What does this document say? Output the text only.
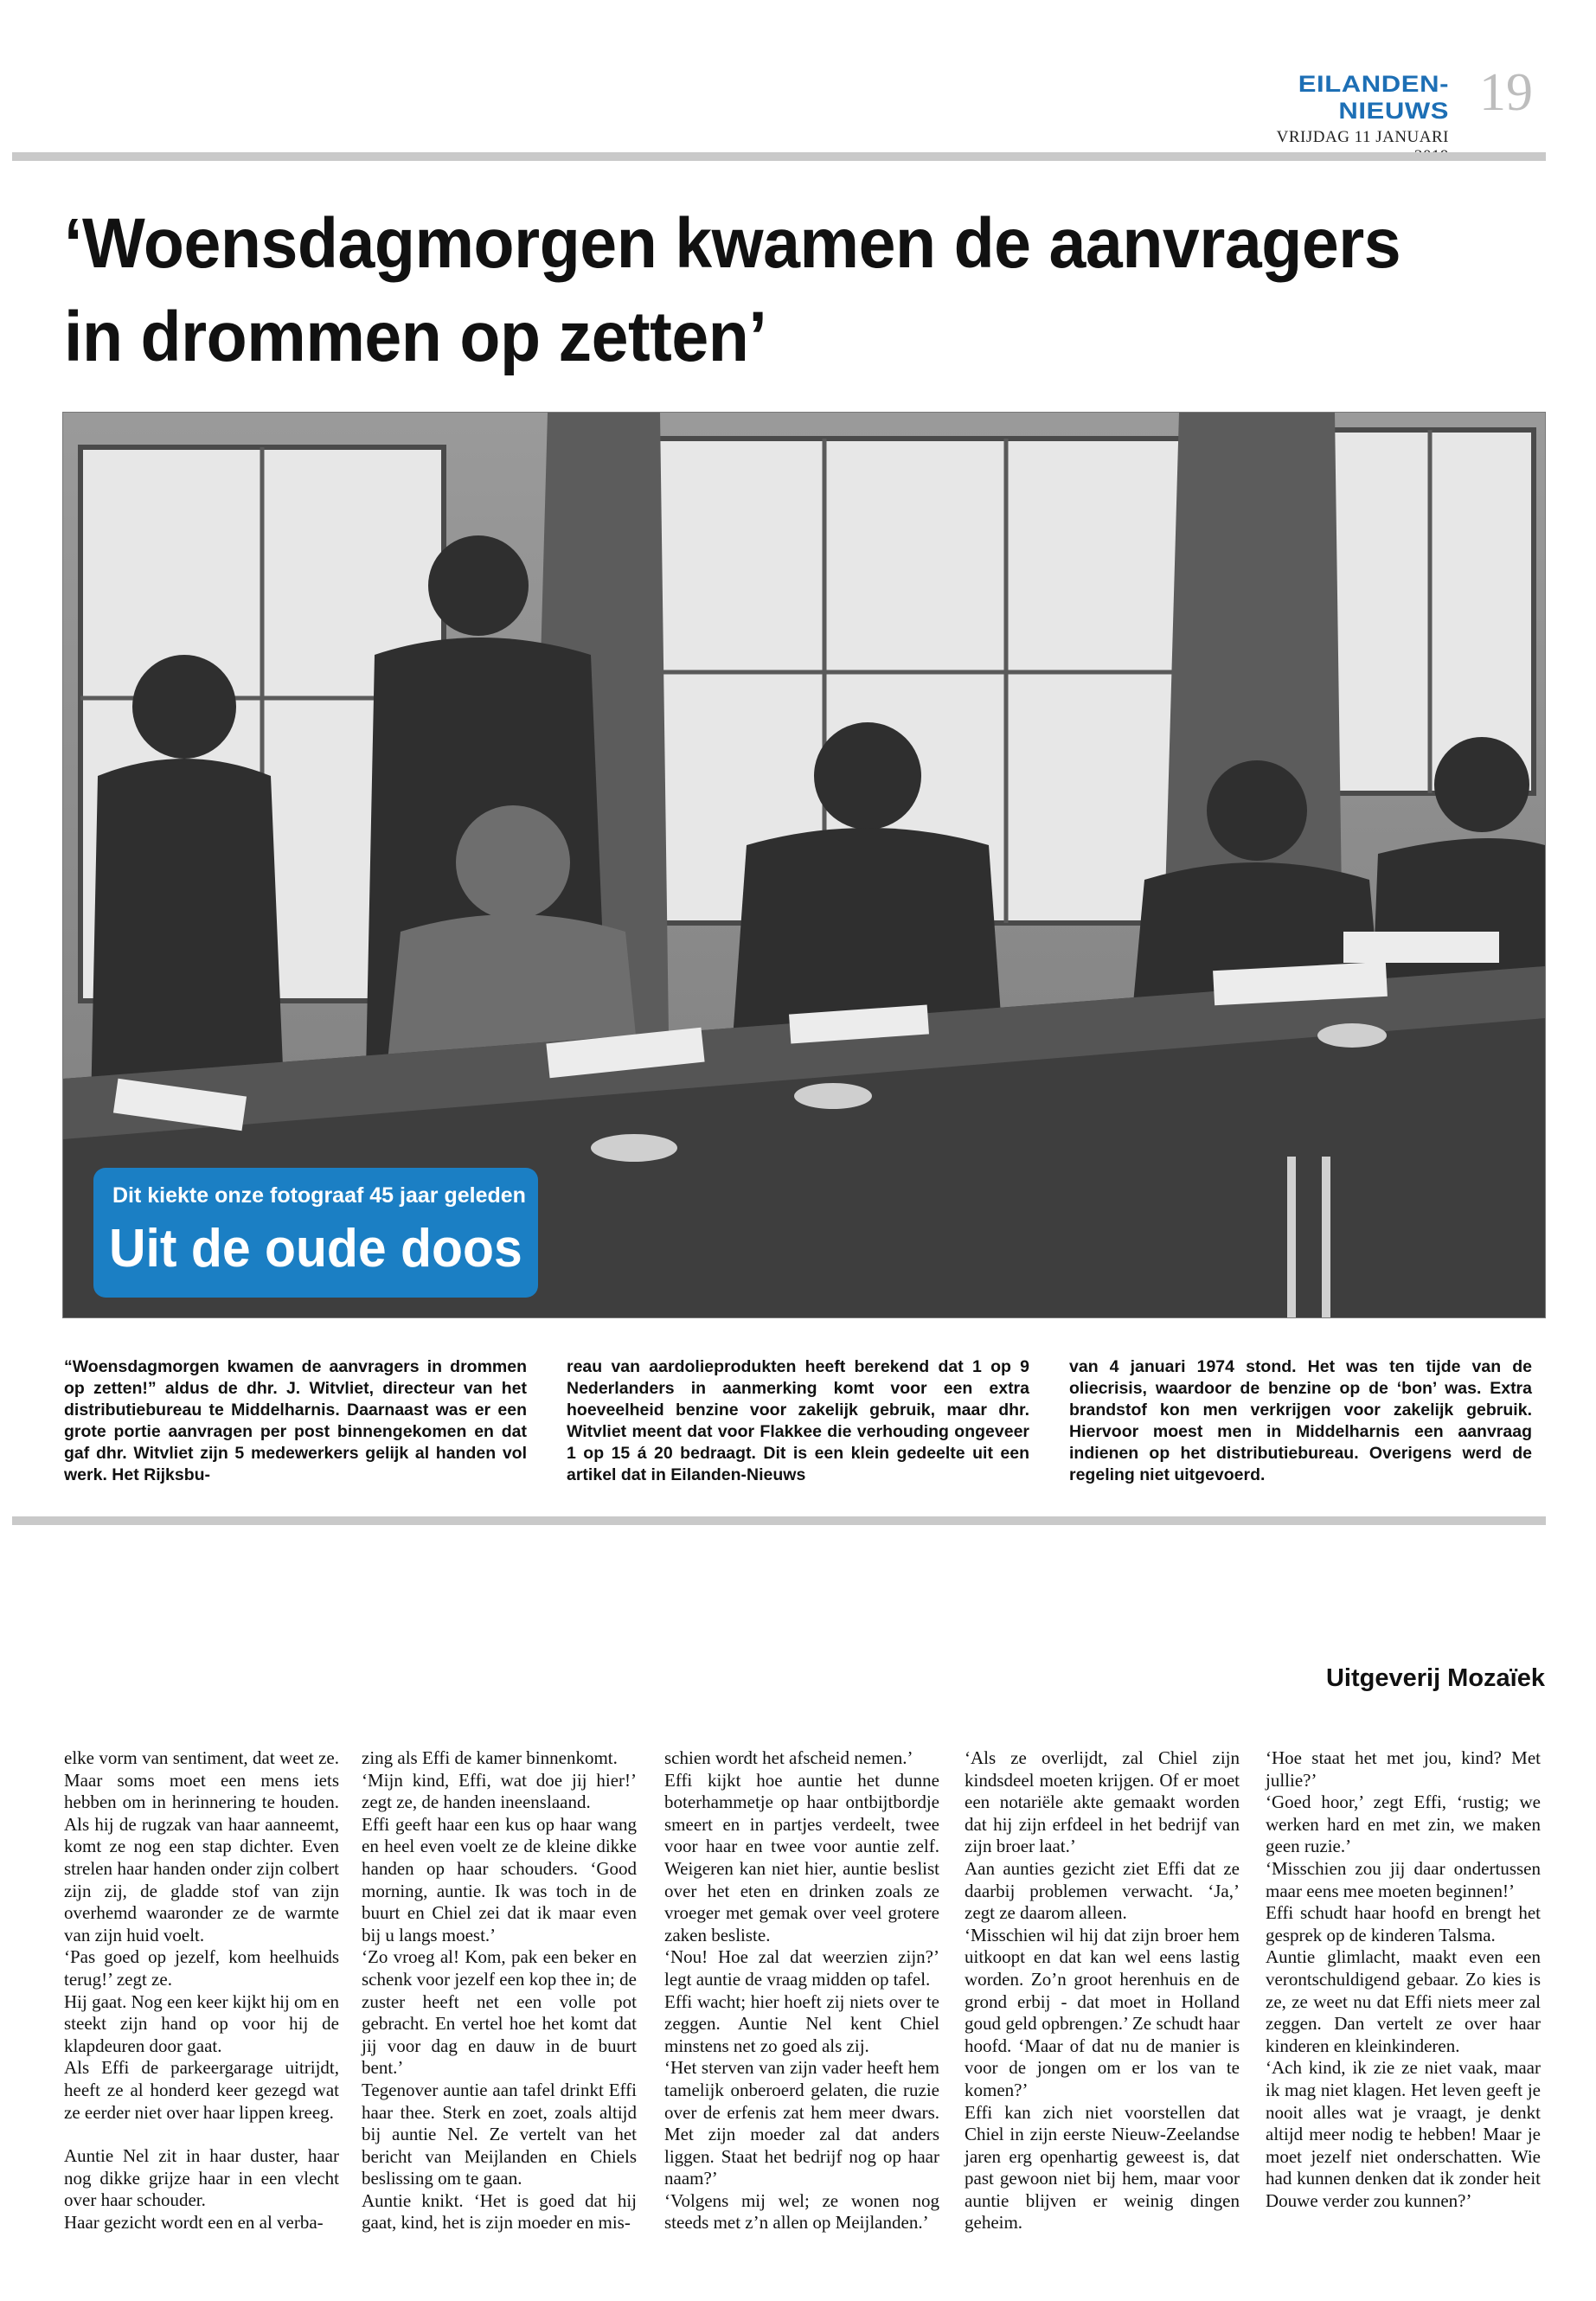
EILANDEN-NIEUWS
VRIJDAG 11 JANUARI
19
‘Woensdagmorgen kwamen de aanvragers in drommen op zetten’
Dit kiekte onze fotograaf 45 jaar geleden
Uit de oude doos
“Woensdagmorgen kwamen de aanvragers in drommen op zetten!” aldus de dhr. J. Witvliet, directeur van het distributiebureau te Middelharnis. Daarnaast was er een grote portie aanvragen per post binnengekomen en dat gaf dhr. Witvliet zijn 5 medewerkers gelijk al handen vol werk. Het Rijksbu-
reau van aardolieprodukten heeft berekend dat 1 op 9 Nederlanders in aanmerking komt voor een extra hoeveelheid benzine voor zakelijk gebruik, maar dhr. Witvliet meent dat voor Flakkee die verhouding ongeveer 1 op 15 á 20 bedraagt. Dit is een klein gedeelte uit een artikel dat in Eilanden-Nieuws
van 4 januari 1974 stond. Het was ten tijde van de oliecrisis, waardoor de benzine op de ‘bon’ was. Extra brandstof kon men verkrijgen voor zakelijk gebruik. Hiervoor moest men in Middelharnis een aanvraag indienen op het distributiebureau. Overigens werd de regeling niet uitgevoerd.
Uitgeverij Mozaïek

elke vorm van sentiment, dat weet ze. Maar soms moet een mens iets hebben om in herinnering te houden. Als hij de rugzak van haar aanneemt, komt ze nog een stap dichter. Even strelen haar handen onder zijn colbert zijn zij, de gladde stof van zijn overhemd waaronder ze de warmte van zijn huid voelt.

‘Pas goed op jezelf, kom heelhuids terug!’ zegt ze.

Hij gaat. Nog een keer kijkt hij om en steekt zijn hand op voor hij de klapdeuren door gaat.

Als Effi de parkeergarage uitrijdt, heeft ze al honderd keer gezegd wat ze eerder niet over haar lippen kreeg.

Auntie Nel zit in haar duster, haar nog dikke grijze haar in een vlecht over haar schouder.

Haar gezicht wordt een en al verba-

zing als Effi de kamer binnenkomt.

‘Mijn kind, Effi, wat doe jij hier!’ zegt ze, de handen ineenslaand.

Effi geeft haar een kus op haar wang en heel even voelt ze de kleine dikke handen op haar schouders. ‘Good morning, auntie. Ik was toch in de buurt en Chiel zei dat ik maar even bij u langs moest.’

‘Zo vroeg al! Kom, pak een beker en schenk voor jezelf een kop thee in; de zuster heeft net een volle pot gebracht. En vertel hoe het komt dat jij voor dag en dauw in de buurt bent.’

Tegenover auntie aan tafel drinkt Effi haar thee. Sterk en zoet, zoals altijd bij auntie Nel. Ze vertelt van het bericht van Meijlanden en Chiels beslissing om te gaan.

Auntie knikt. ‘Het is goed dat hij gaat, kind, het is zijn moeder en mis-

schien wordt het afscheid nemen.’

Effi kijkt hoe auntie het dunne boterhammetje op haar ontbijtbordje smeert en in partjes verdeelt, twee voor haar en twee voor auntie zelf. Weigeren kan niet hier, auntie beslist over het eten en drinken zoals ze vroeger met gemak over veel grotere zaken besliste.

‘Nou! Hoe zal dat weerzien zijn?’ legt auntie de vraag midden op tafel.

Effi wacht; hier hoeft zij niets over te zeggen. Auntie Nel kent Chiel minstens net zo goed als zij.

‘Het sterven van zijn vader heeft hem tamelijk onberoerd gelaten, die ruzie over de erfenis zat hem meer dwars. Met zijn moeder zal dat anders liggen. Staat het bedrijf nog op haar naam?’

‘Volgens mij wel; ze wonen nog steeds met z’n allen op Meijlanden.’

‘Als ze overlijdt, zal Chiel zijn kindsdeel moeten krijgen. Of er moet een notariële akte gemaakt worden dat hij zijn erfdeel in het bedrijf van zijn broer laat.’

Aan aunties gezicht ziet Effi dat ze daarbij problemen verwacht. ‘Ja,’ zegt ze daarom alleen.

‘Misschien wil hij dat zijn broer hem uitkoopt en dat kan wel eens lastig worden. Zo’n groot herenhuis en de grond erbij - dat moet in Holland goud geld opbrengen.’ Ze schudt haar hoofd. ‘Maar of dat nu de manier is voor de jongen om er los van te komen?’

Effi kan zich niet voorstellen dat Chiel in zijn eerste Nieuw-Zeelandse jaren erg openhartig geweest is, dat past gewoon niet bij hem, maar voor auntie blijven er weinig dingen geheim.

‘Hoe staat het met jou, kind? Met jullie?’

‘Goed hoor,’ zegt Effi, ‘rustig; we werken hard en met zin, we maken geen ruzie.’

‘Misschien zou jij daar ondertussen maar eens mee moeten beginnen!’

Effi schudt haar hoofd en brengt het gesprek op de kinderen Talsma.

Auntie glimlacht, maakt even een verontschuldigend gebaar. Zo kies is ze, ze weet nu dat Effi niets meer zal zeggen. Dan vertelt ze over haar kinderen en kleinkinderen.

‘Ach kind, ik zie ze niet vaak, maar ik mag niet klagen. Het leven geeft je nooit alles wat je vraagt, je denkt altijd meer nodig te hebben! Maar je moet jezelf niet onderschatten. Wie had kunnen denken dat ik zonder heit Douwe verder zou kunnen?’
